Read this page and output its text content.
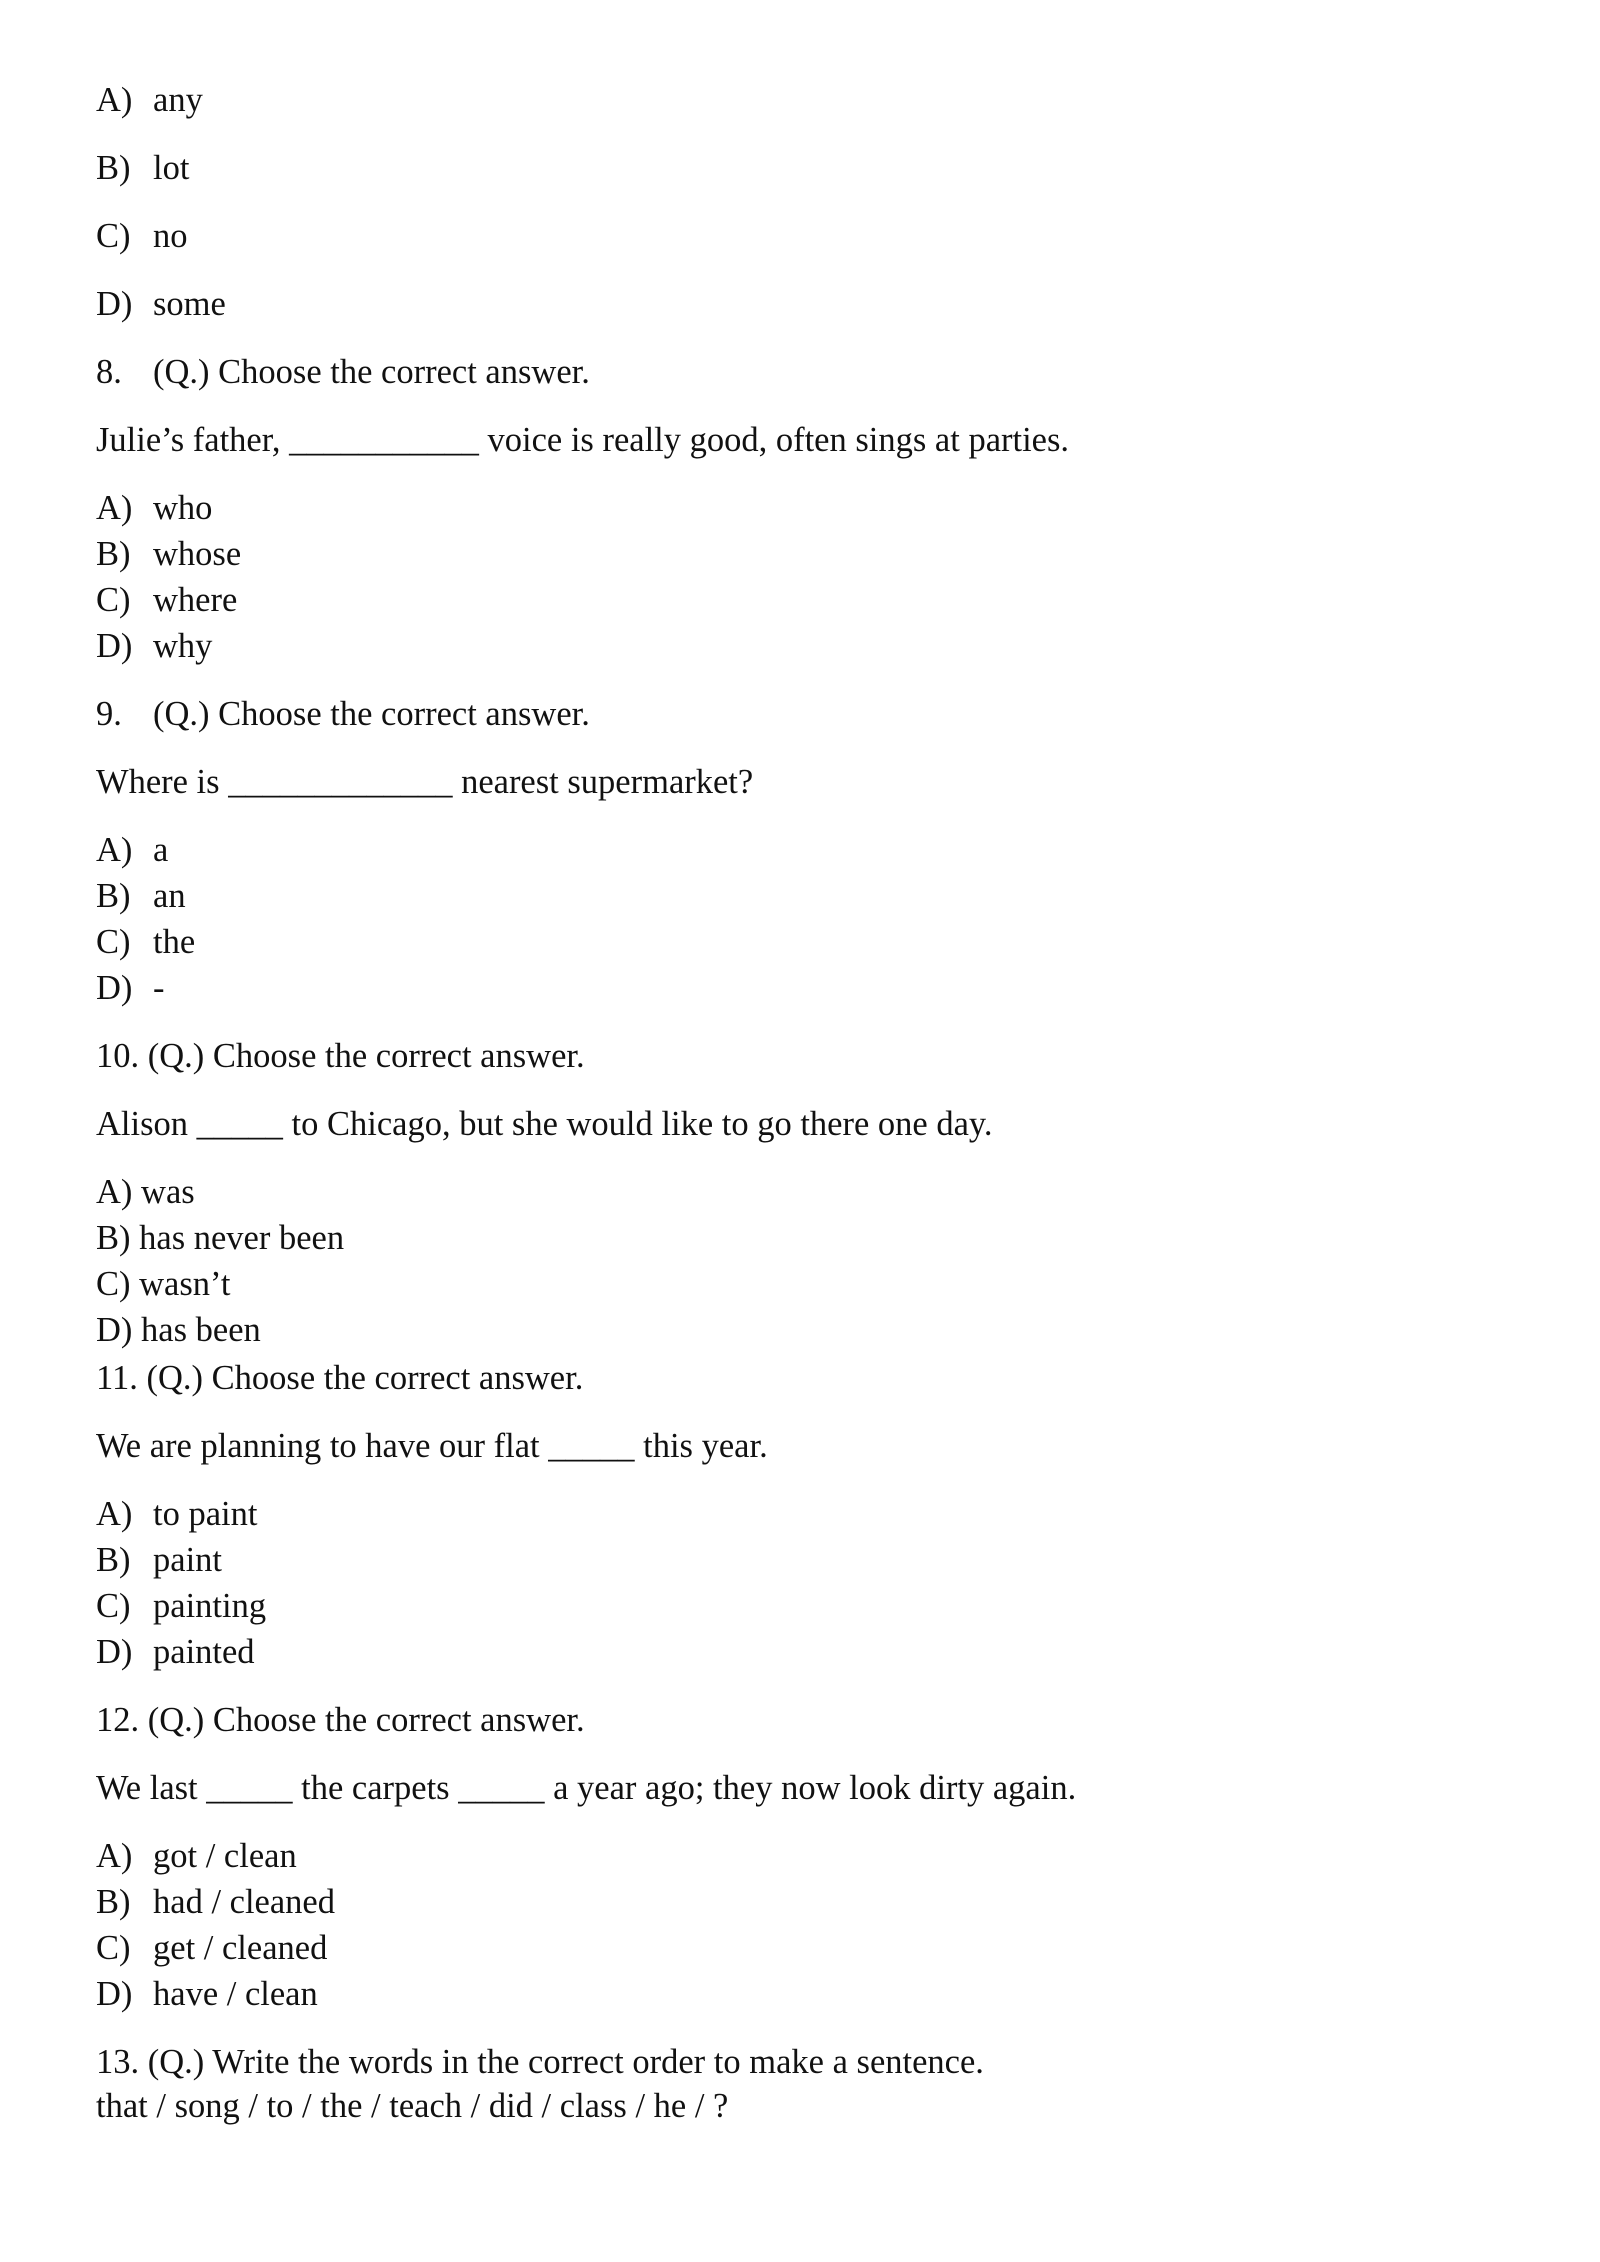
A) any

B) lot

C) no

D) some

8. (Q.) Choose the correct answer.

Julie’s father, ___________ voice is really good, often sings at parties.

A) who

B) whose

C) where

D) why

9. (Q.) Choose the correct answer.

Where is _____________ nearest supermarket?

A) a

B) an

C) the

D) -

10. (Q.) Choose the correct answer.

Alison _____ to Chicago, but she would like to go there one day.

A) was

B) has never been

C) wasn’t

D) has been

11. (Q.) Choose the correct answer.

We are planning to have our flat _____ this year.

A) to paint

B) paint

C) painting

D) painted

12. (Q.) Choose the correct answer.

We last _____ the carpets _____ a year ago; they now look dirty again.

A) got / clean

B) had / cleaned

C) get / cleaned

D) have / clean

13. (Q.) Write the words in the correct order to make a sentence.

that / song / to / the / teach / did / class / he / ?
